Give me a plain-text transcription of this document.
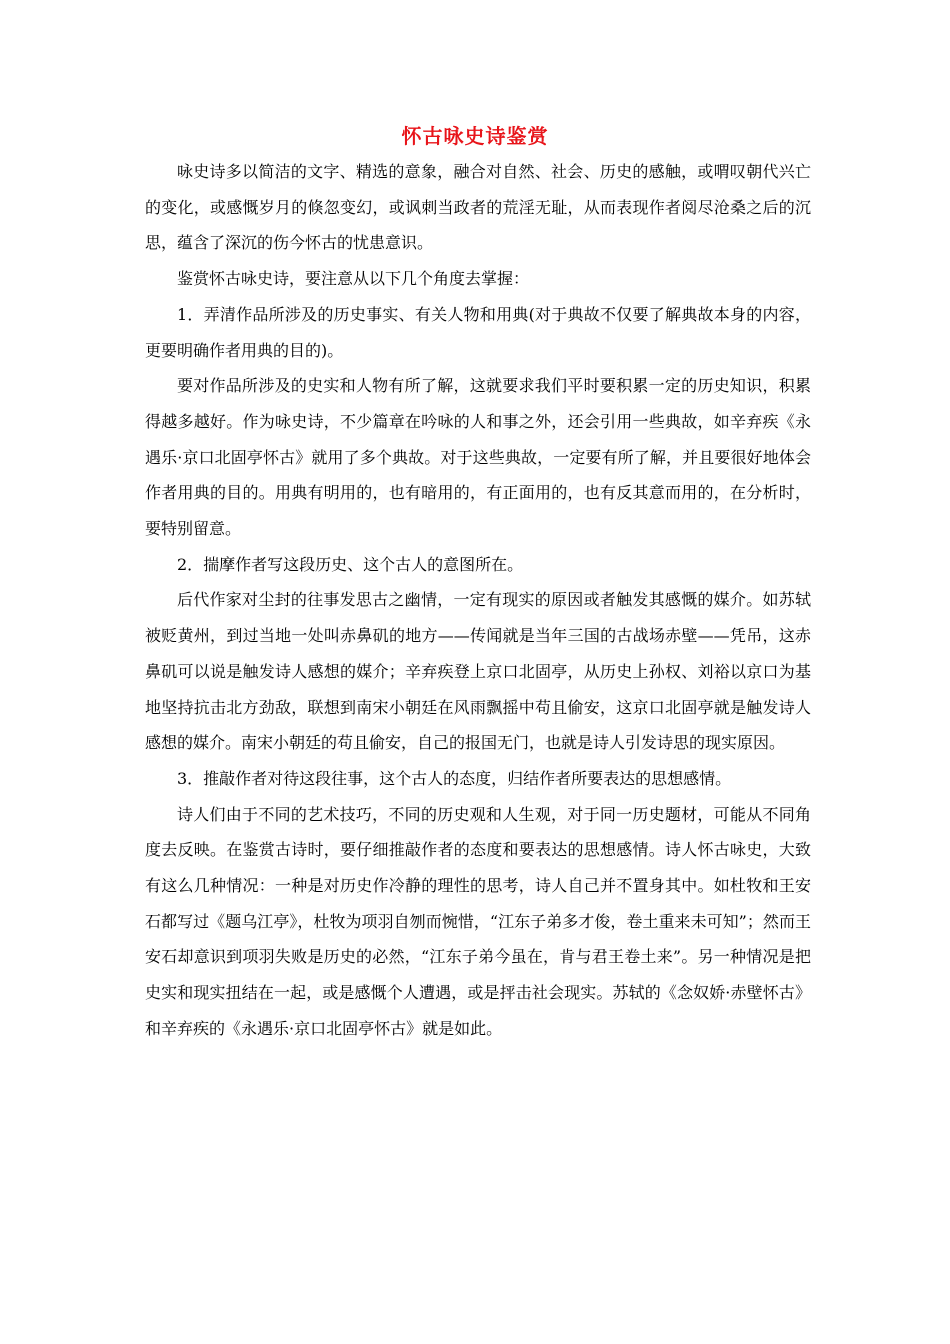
怀古咏史诗鉴赏

咏史诗多以简洁的文字、精选的意象，融合对自然、社会、历史的感触，或喟叹朝代兴亡的变化，或感慨岁月的倏忽变幻，或讽刺当政者的荒淫无耻，从而表现作者阅尽沧桑之后的沉思，蕴含了深沉的伤今怀古的忧患意识。

鉴赏怀古咏史诗，要注意从以下几个角度去掌握：

1．弄清作品所涉及的历史事实、有关人物和用典(对于典故不仅要了解典故本身的内容，更要明确作者用典的目的)。

要对作品所涉及的史实和人物有所了解，这就要求我们平时要积累一定的历史知识，积累得越多越好。作为咏史诗，不少篇章在吟咏的人和事之外，还会引用一些典故，如辛弃疾《永遇乐·京口北固亭怀古》就用了多个典故。对于这些典故，一定要有所了解，并且要很好地体会作者用典的目的。用典有明用的，也有暗用的，有正面用的，也有反其意而用的，在分析时，要特别留意。

2．揣摩作者写这段历史、这个古人的意图所在。

后代作家对尘封的往事发思古之幽情，一定有现实的原因或者触发其感慨的媒介。如苏轼被贬黄州，到过当地一处叫赤鼻矶的地方——传闻就是当年三国的古战场赤壁——凭吊，这赤鼻矶可以说是触发诗人感想的媒介；辛弃疾登上京口北固亭，从历史上孙权、刘裕以京口为基地坚持抗击北方劲敌，联想到南宋小朝廷在风雨飘摇中苟且偷安，这京口北固亭就是触发诗人感想的媒介。南宋小朝廷的苟且偷安，自己的报国无门，也就是诗人引发诗思的现实原因。

3．推敲作者对待这段往事，这个古人的态度，归结作者所要表达的思想感情。

诗人们由于不同的艺术技巧，不同的历史观和人生观，对于同一历史题材，可能从不同角度去反映。在鉴赏古诗时，要仔细推敲作者的态度和要表达的思想感情。诗人怀古咏史，大致有这么几种情况：一种是对历史作冷静的理性的思考，诗人自己并不置身其中。如杜牧和王安石都写过《题乌江亭》，杜牧为项羽自刎而惋惜，“江东子弟多才俊，卷土重来未可知”；然而王安石却意识到项羽失败是历史的必然，“江东子弟今虽在，肯与君王卷土来”。另一种情况是把史实和现实扭结在一起，或是感慨个人遭遇，或是抨击社会现实。苏轼的《念奴娇·赤壁怀古》和辛弃疾的《永遇乐·京口北固亭怀古》就是如此。
